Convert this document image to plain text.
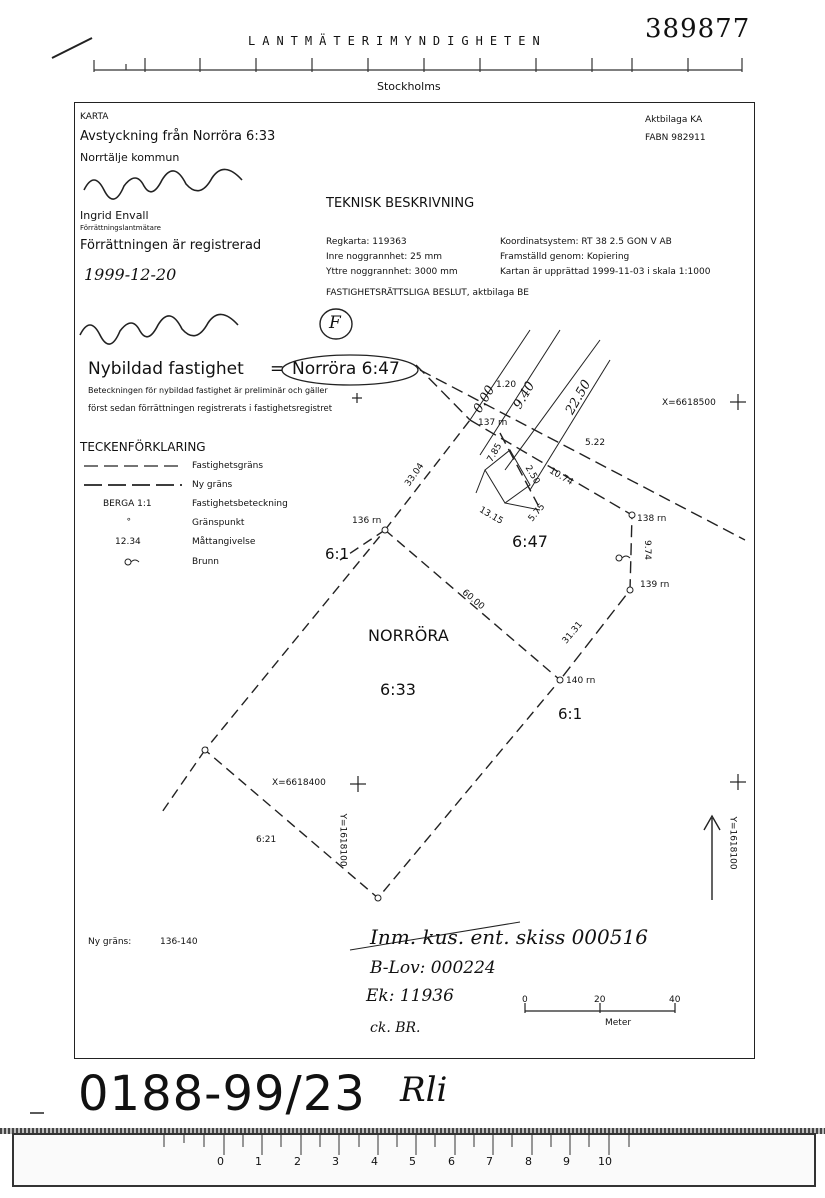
389877
LANTMÄTERIMYNDIGHETEN
Stockholms
KARTA
Avstyckning från Norröra 6:33
Norrtälje kommun
Ingrid Envall
Förrättningslantmätare
Förrättningen är registrerad
1999-12-20
Aktbilaga KA
FABN 982911
TEKNISK BESKRIVNING
Regkarta: 119363
Inre noggrannhet: 25 mm
Yttre noggrannhet: 3000 mm
FASTIGHETSRÄTTSLIGA BESLUT, aktbilaga BE
Koordinatsystem: RT 38 2.5 GON V AB
Framställd genom: Kopiering
Kartan är upprättad 1999-11-03 i skala 1:1000
F
Nybildad fastighet = Norröra 6:47
Beteckningen för nybildad fastighet är preliminär och gäller
först sedan förrättningen registrerats i fastighetsregistret
TECKENFÖRKLARING
Fastighetsgräns
Ny gräns
BERGA 1:1	Fastighetsbeteckning
∘	Gränspunkt
12.34	Måttangivelse
Brunn
NORRÖRA
6:33
6:47
6:1
6:1
6:21
136 rn
137 rn
138 rn
139 rn
140 rn
0.00 9.40 22.50
1.20
33.04
60.00
31.31
5.22
10.74
2.50
7.85
13.15 5.75
9.74
X=6618500
X=6618400
Y=1618100	Y=1618100
Ny gräns:	136-140	Inm. kus. ent. skiss 000516
B-Lov: 000224
Ek: 11936
ck. BR.
0	20	40
Meter
0188-99/23 Rli
0	1	2	3	4	5	6	7	8	9	10
